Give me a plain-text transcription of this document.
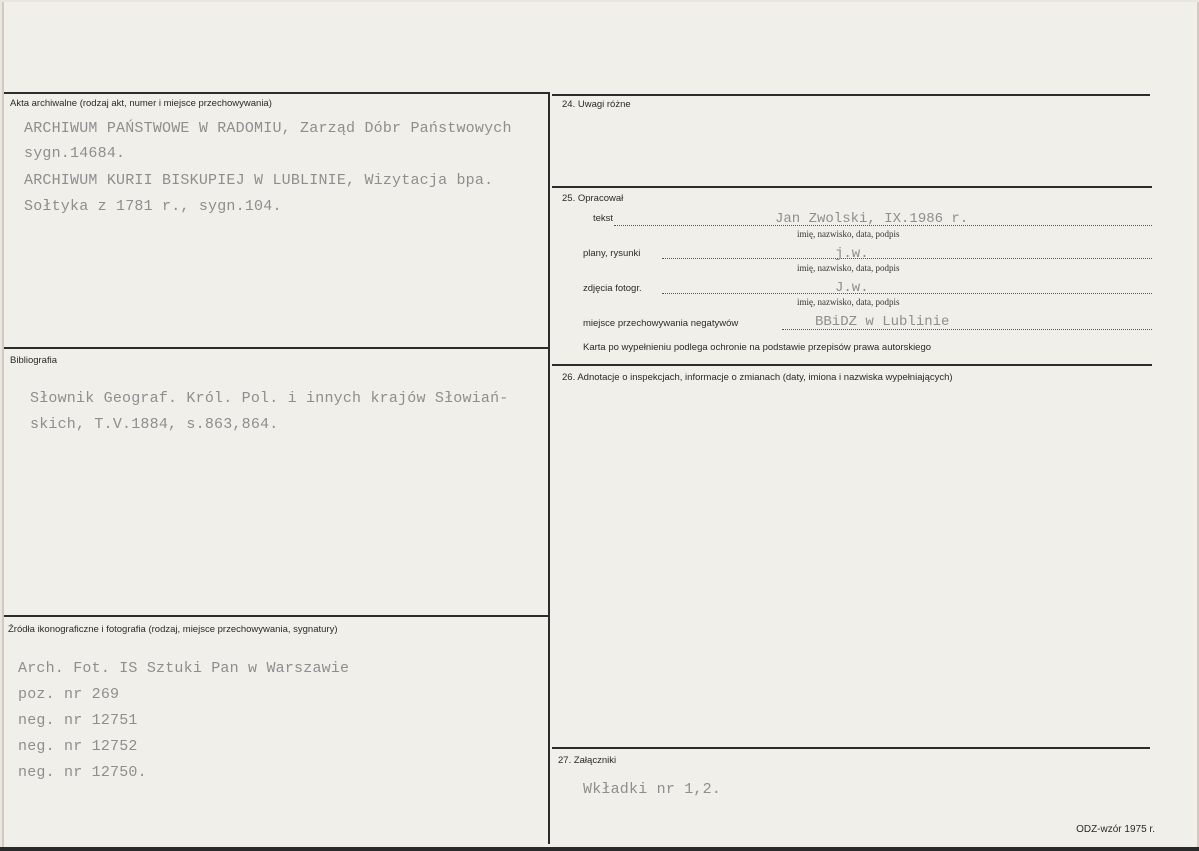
Akta archiwalne (rodzaj akt, numer i miejsce przechowywania)
ARCHIWUM PAŃSTWOWE W RADOMIU, Zarząd Dóbr Państwowych
sygn.14684.
ARCHIWUM KURII BISKUPIEJ W LUBLINIE, Wizytacja bpa.
Sołtyka z 1781 r., sygn.104.
Bibliografia
Słownik Geograf. Król. Pol. i innych krajów Słowiań-
skich, T.V.1884, s.863,864.
Źródła ikonograficzne i fotografia (rodzaj, miejsce przechowywania, sygnatury)
Arch. Fot. IS Sztuki Pan w Warszawie
poz. nr 269
neg. nr 12751
neg. nr 12752
neg. nr 12750.
24. Uwagi różne
25. Opracował
tekst	Jan Zwolski, IX.1986 r.
imię, nazwisko, data, podpis
plany, rysunki	j.w.
imię, nazwisko, data, podpis
zdjęcia fotogr.	J.w.
imię, nazwisko, data, podpis
miejsce przechowywania negatywów	BBiDZ w Lublinie
Karta po wypełnieniu podlega ochronie na podstawie przepisów prawa autorskiego
26. Adnotacje o inspekcjach, informacje o zmianach (daty, imiona i nazwiska wypełniających)
27. Załączniki
Wkładki nr 1,2.
ODZ-wzór 1975 r.
